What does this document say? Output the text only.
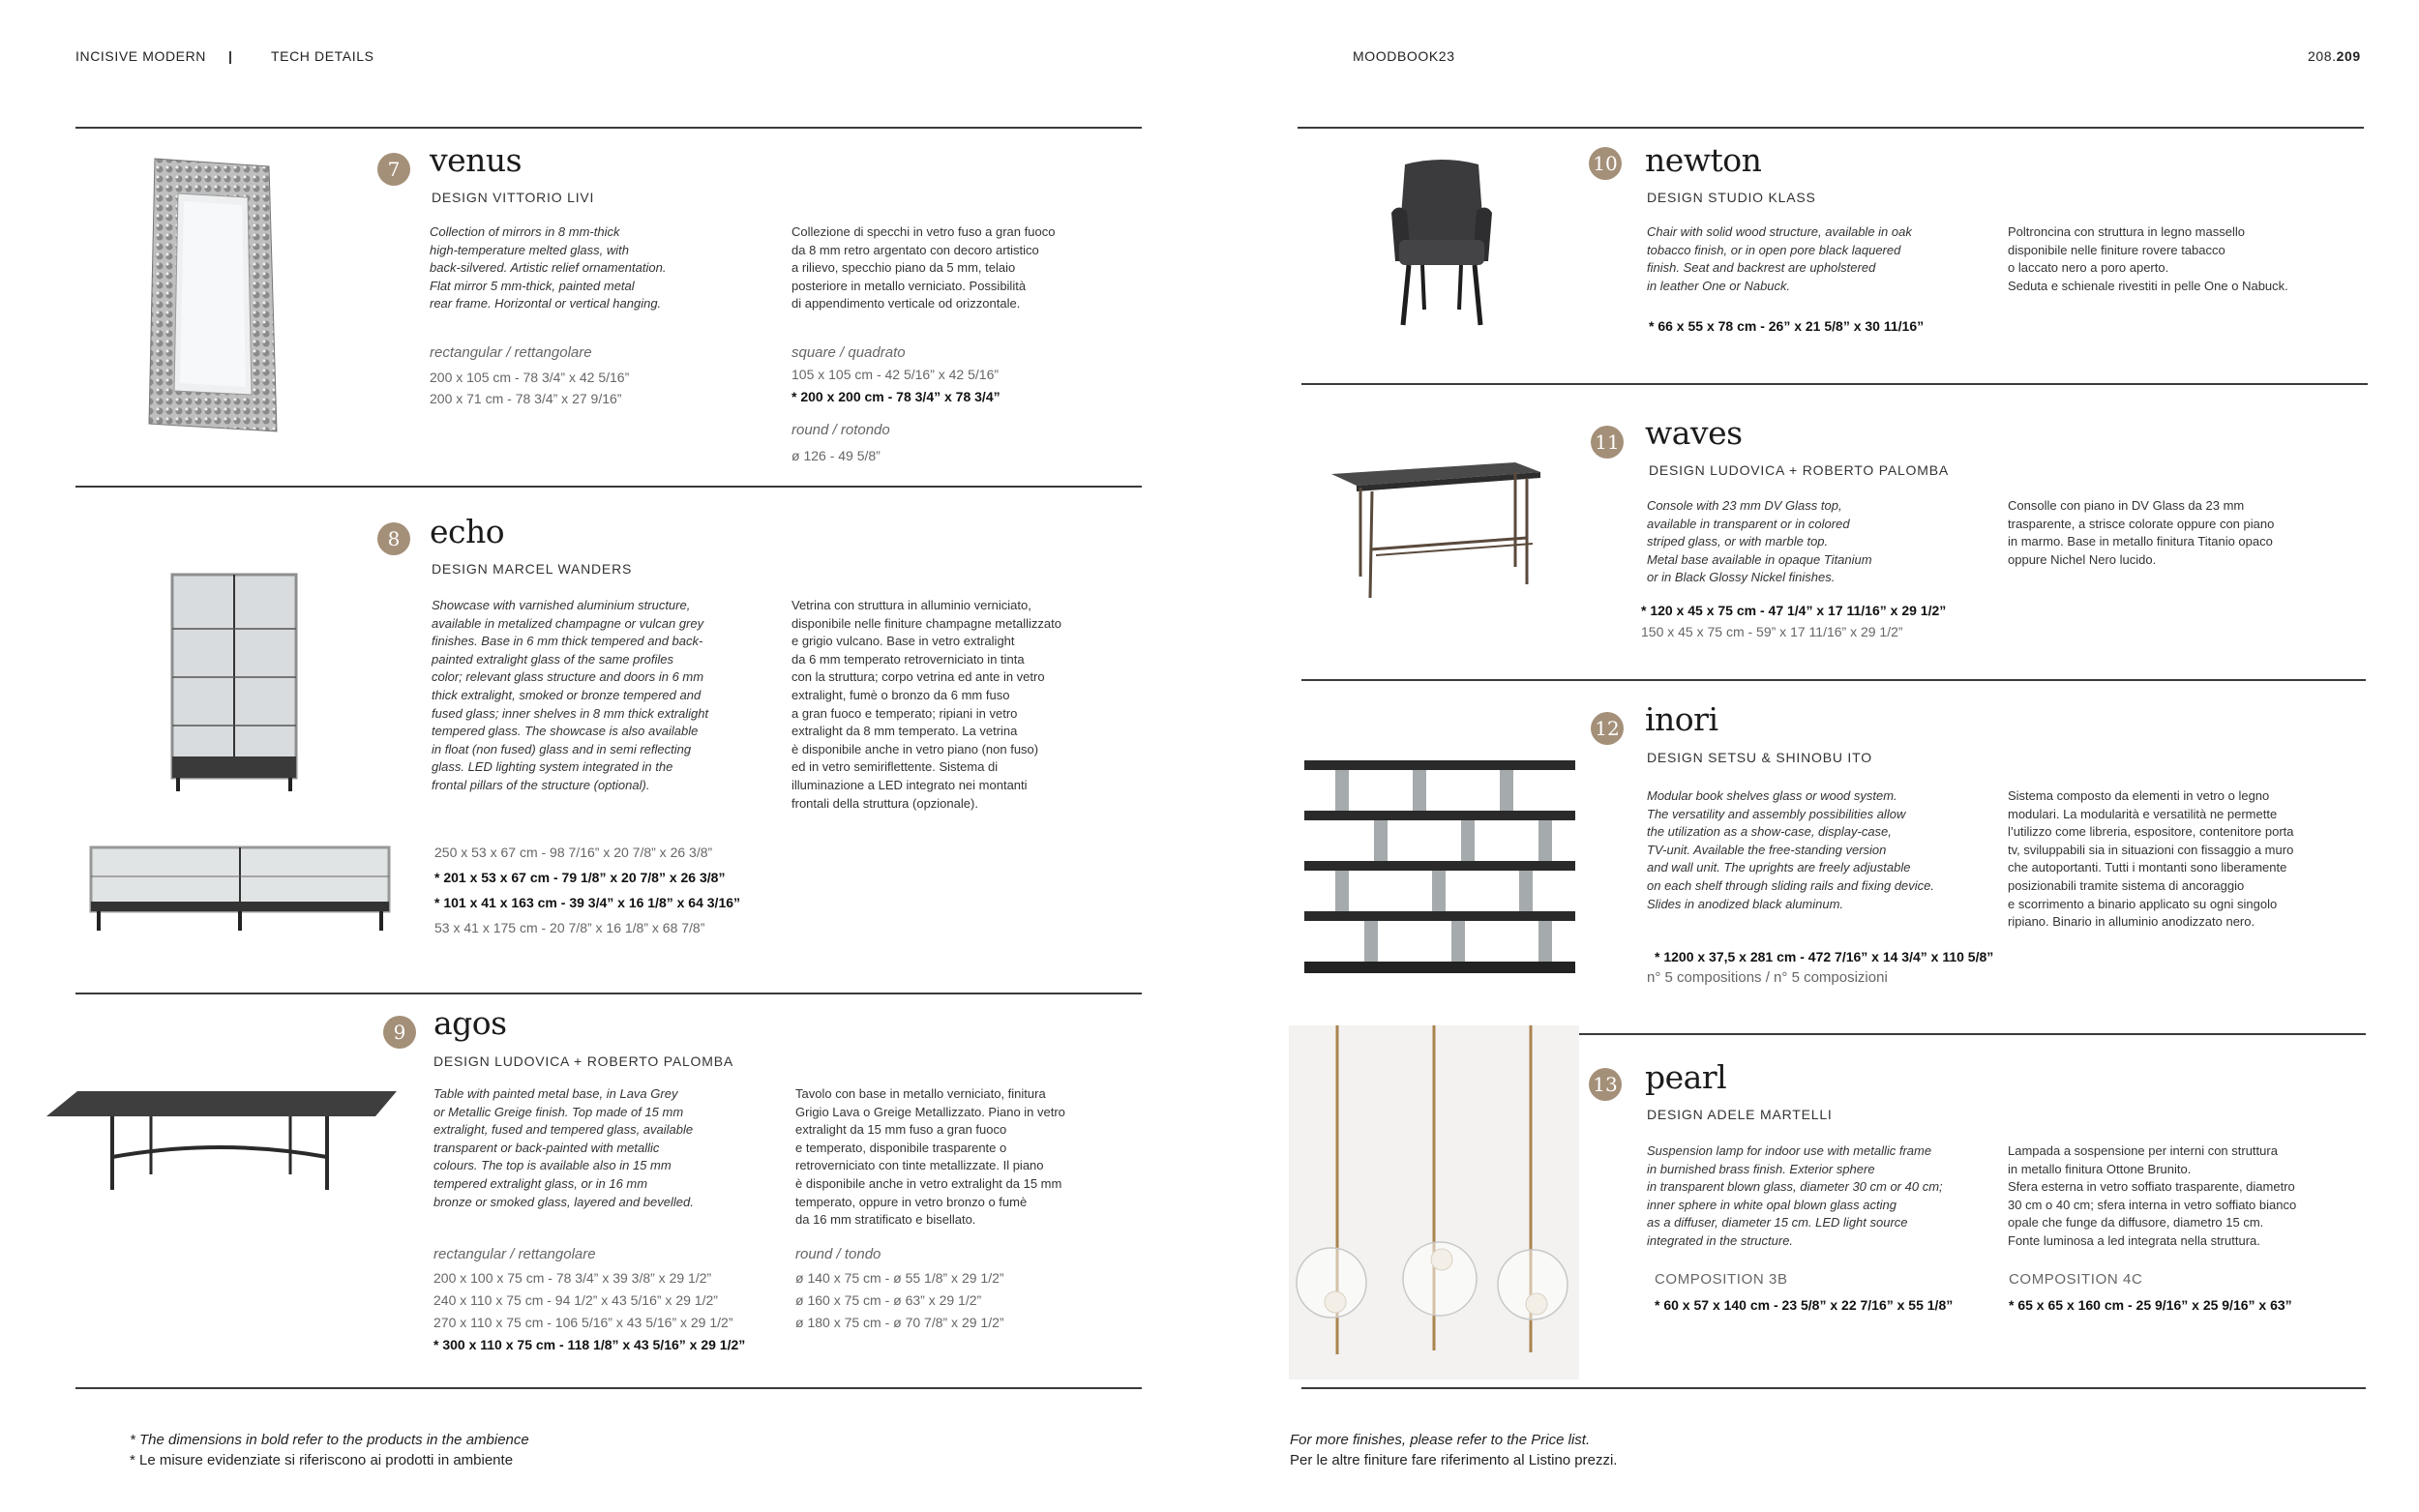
INCISIVE MODERN |	TECH DETAILS	MOODBOOK23	208.209
7 venus
DESIGN VITTORIO LIVI
Collection of mirrors in 8 mm-thick
high-temperature melted glass, with
back-silvered. Artistic relief ornamentation.
Flat mirror 5 mm-thick, painted metal
rear frame. Horizontal or vertical hanging.
Collezione di specchi in vetro fuso a gran fuoco
da 8 mm retro argentato con decoro artistico
a rilievo, specchio piano da 5 mm, telaio
posteriore in metallo verniciato. Possibilità
di appendimento verticale od orizzontale.
rectangular / rettangolare
200 x 105 cm - 78 3/4” x 42 5/16”
200 x 71 cm - 78 3/4” x 27 9/16”
square / quadrato
105 x 105 cm - 42 5/16” x 42 5/16”
* 200 x 200 cm - 78 3/4” x 78 3/4”
round / rotondo
ø 126 - 49 5/8”
8 echo
DESIGN MARCEL WANDERS
Showcase with varnished aluminium structure,
available in metalized champagne or vulcan grey
finishes. Base in 6 mm thick tempered and back-
painted extralight glass of the same profiles
color; relevant glass structure and doors in 6 mm
thick extralight, smoked or bronze tempered and
fused glass; inner shelves in 8 mm thick extralight
tempered glass. The showcase is also available
in float (non fused) glass and in semi reflecting
glass. LED lighting system integrated in the
frontal pillars of the structure (optional).
Vetrina con struttura in alluminio verniciato,
disponibile nelle finiture champagne metallizzato
e grigio vulcano. Base in vetro extralight
da 6 mm temperato retroverniciato in tinta
con la struttura; corpo vetrina ed ante in vetro
extralight, fumè o bronzo da 6 mm fuso
a gran fuoco e temperato; ripiani in vetro
extralight da 8 mm temperato. La vetrina
è disponibile anche in vetro piano (non fuso)
ed in vetro semiriflettente. Sistema di
illuminazione a LED integrato nei montanti
frontali della struttura (opzionale).
250 x 53 x 67 cm - 98 7/16” x 20 7/8” x 26 3/8”
* 201 x 53 x 67 cm - 79 1/8” x 20 7/8” x 26 3/8”
* 101 x 41 x 163 cm - 39 3/4” x 16 1/8” x 64 3/16”
53 x 41 x 175 cm - 20 7/8” x 16 1/8” x 68 7/8”
9 agos
DESIGN LUDOVICA + ROBERTO PALOMBA
Table with painted metal base, in Lava Grey
or Metallic Greige finish. Top made of 15 mm
extralight, fused and tempered glass, available
transparent or back-painted with metallic
colours. The top is available also in 15 mm
tempered extralight glass, or in 16 mm
bronze or smoked glass, layered and bevelled.
Tavolo con base in metallo verniciato, finitura
Grigio Lava o Greige Metallizzato. Piano in vetro
extralight da 15 mm fuso a gran fuoco
e temperato, disponibile trasparente o
retroverniciato con tinte metallizzate. Il piano
è disponibile anche in vetro extralight da 15 mm
temperato, oppure in vetro bronzo o fumè
da 16 mm stratificato e bisellato.
rectangular / rettangolare
200 x 100 x 75 cm - 78 3/4” x 39 3/8” x 29 1/2”
240 x 110 x 75 cm - 94 1/2” x 43 5/16” x 29 1/2”
270 x 110 x 75 cm - 106 5/16” x 43 5/16” x 29 1/2”
* 300 x 110 x 75 cm - 118 1/8” x 43 5/16” x 29 1/2”
round / tondo
ø 140 x 75 cm - ø 55 1/8” x 29 1/2”
ø 160 x 75 cm - ø 63” x 29 1/2”
ø 180 x 75 cm - ø 70 7/8” x 29 1/2”
10 newton
DESIGN STUDIO KLASS
Chair with solid wood structure, available in oak
tobacco finish, or in open pore black laquered
finish. Seat and backrest are upholstered
in leather One or Nabuck.
Poltroncina con struttura in legno massello
disponibile nelle finiture rovere tabacco
o laccato nero a poro aperto.
Seduta e schienale rivestiti in pelle One o Nabuck.
* 66 x 55 x 78 cm - 26” x 21 5/8” x 30 11/16”
11 waves
DESIGN LUDOVICA + ROBERTO PALOMBA
Console with 23 mm DV Glass top,
available in transparent or in colored
striped glass, or with marble top.
Metal base available in opaque Titanium
or in Black Glossy Nickel finishes.
Consolle con piano in DV Glass da 23 mm
trasparente, a strisce colorate oppure con piano
in marmo. Base in metallo finitura Titanio opaco
oppure Nichel Nero lucido.
* 120 x 45 x 75 cm - 47 1/4” x 17 11/16” x 29 1/2”
150 x 45 x 75 cm - 59” x 17 11/16” x 29 1/2”
12 inori
DESIGN SETSU & SHINOBU ITO
Modular book shelves glass or wood system.
The versatility and assembly possibilities allow
the utilization as a show-case, display-case,
TV-unit. Available the free-standing version
and wall unit. The uprights are freely adjustable
on each shelf through sliding rails and fixing device.
Slides in anodized black aluminum.
Sistema composto da elementi in vetro o legno
modulari. La modularità e versatilità ne permette
l’utilizzo come libreria, espositore, contenitore porta
tv, sviluppabili sia in situazioni con fissaggio a muro
che autoportanti. Tutti i montanti sono liberamente
posizionabili tramite sistema di ancoraggio
e scorrimento a binario applicato su ogni singolo
ripiano. Binario in alluminio anodizzato nero.
* 1200 x 37,5 x 281 cm - 472 7/16” x 14 3/4” x 110 5/8”
n° 5 compositions / n° 5 composizioni
13 pearl
DESIGN ADELE MARTELLI
Suspension lamp for indoor use with metallic frame
in burnished brass finish. Exterior sphere
in transparent blown glass, diameter 30 cm or 40 cm;
inner sphere in white opal blown glass acting
as a diffuser, diameter 15 cm. LED light source
integrated in the structure.
Lampada a sospensione per interni con struttura
in metallo finitura Ottone Brunito.
Sfera esterna in vetro soffiato trasparente, diametro
30 cm o 40 cm; sfera interna in vetro soffiato bianco
opale che funge da diffusore, diametro 15 cm.
Fonte luminosa a led integrata nella struttura.
COMPOSITION 3B
* 60 x 57 x 140 cm - 23 5/8” x 22 7/16” x 55 1/8”
COMPOSITION 4C
* 65 x 65 x 160 cm - 25 9/16” x 25 9/16” x 63”
* The dimensions in bold refer to the products in the ambience
* Le misure evidenziate si riferiscono ai prodotti in ambiente
For more finishes, please refer to the Price list.
Per le altre finiture fare riferimento al Listino prezzi.
